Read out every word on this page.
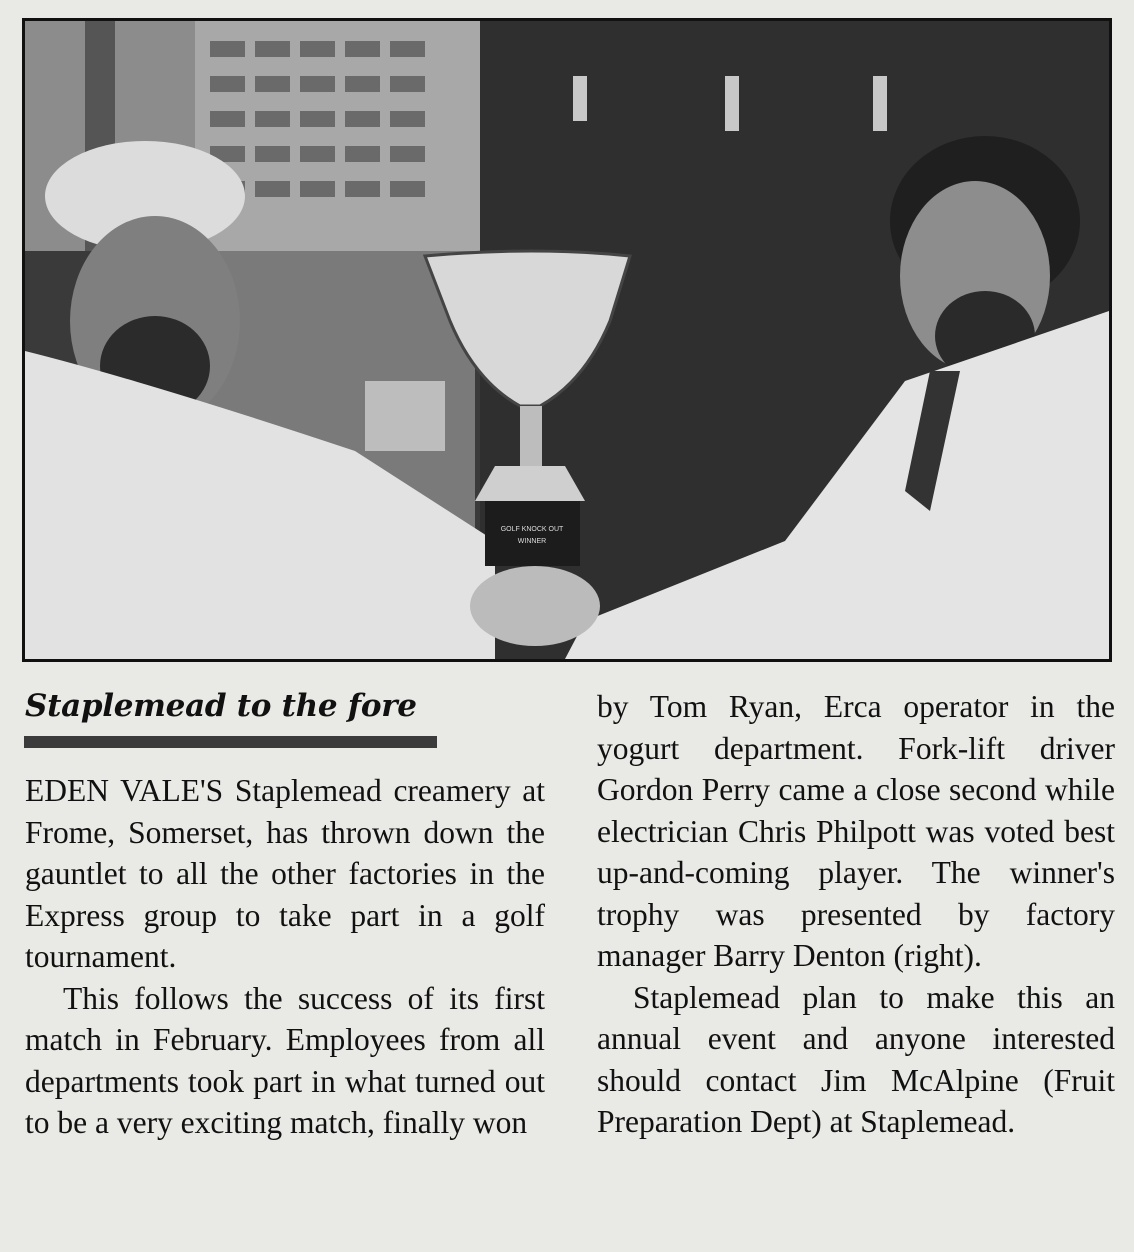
GOLF KNOCK OUT
WINNER
Staplemead to the fore

EDEN VALE'S Staplemead creamery at Frome, Somerset, has thrown down the gauntlet to all the other factories in the Express group to take part in a golf tournament.

This follows the success of its first match in February. Employees from all departments took part in what turned out to be a very exciting match, finally won

by Tom Ryan, Erca operator in the yogurt department. Fork-lift driver Gordon Perry came a close second while electrician Chris Philpott was voted best up-and-coming player. The winner's trophy was presented by factory manager Barry Denton (right).

Staplemead plan to make this an annual event and anyone interested should contact Jim McAlpine (Fruit Preparation Dept) at Staplemead.
